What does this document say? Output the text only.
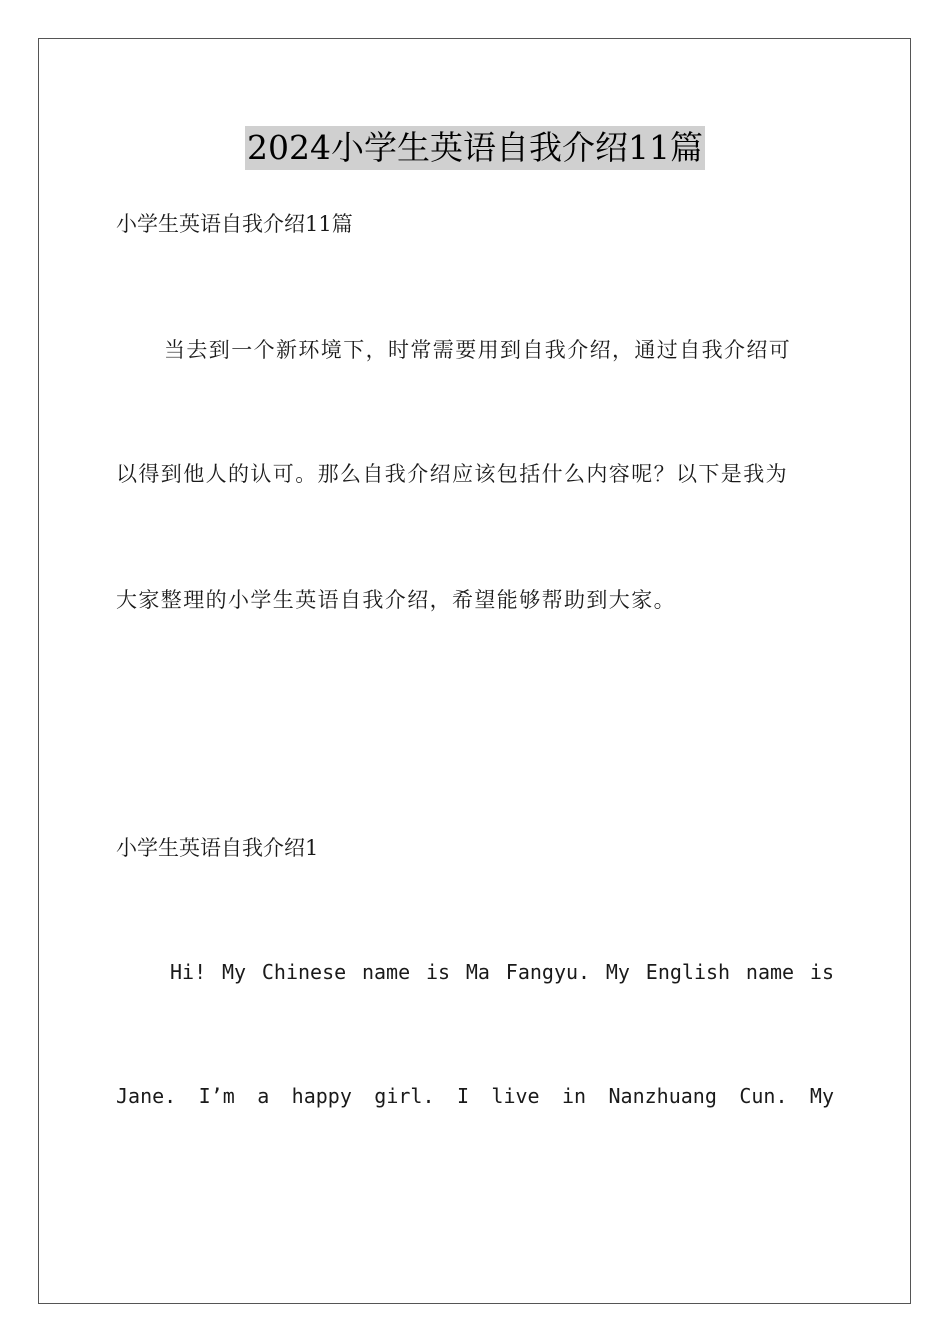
2024小学生英语自我介绍11篇
小学生英语自我介绍11篇
当去到一个新环境下，时常需要用到自我介绍，通过自我介绍可
以得到他人的认可。那么自我介绍应该包括什么内容呢？以下是我为
大家整理的小学生英语自我介绍，希望能够帮助到大家。
小学生英语自我介绍1
Hi! My Chinese name is Ma Fangyu. My English name is
Jane. I’m a happy girl. I live in Nanzhuang Cun. My
